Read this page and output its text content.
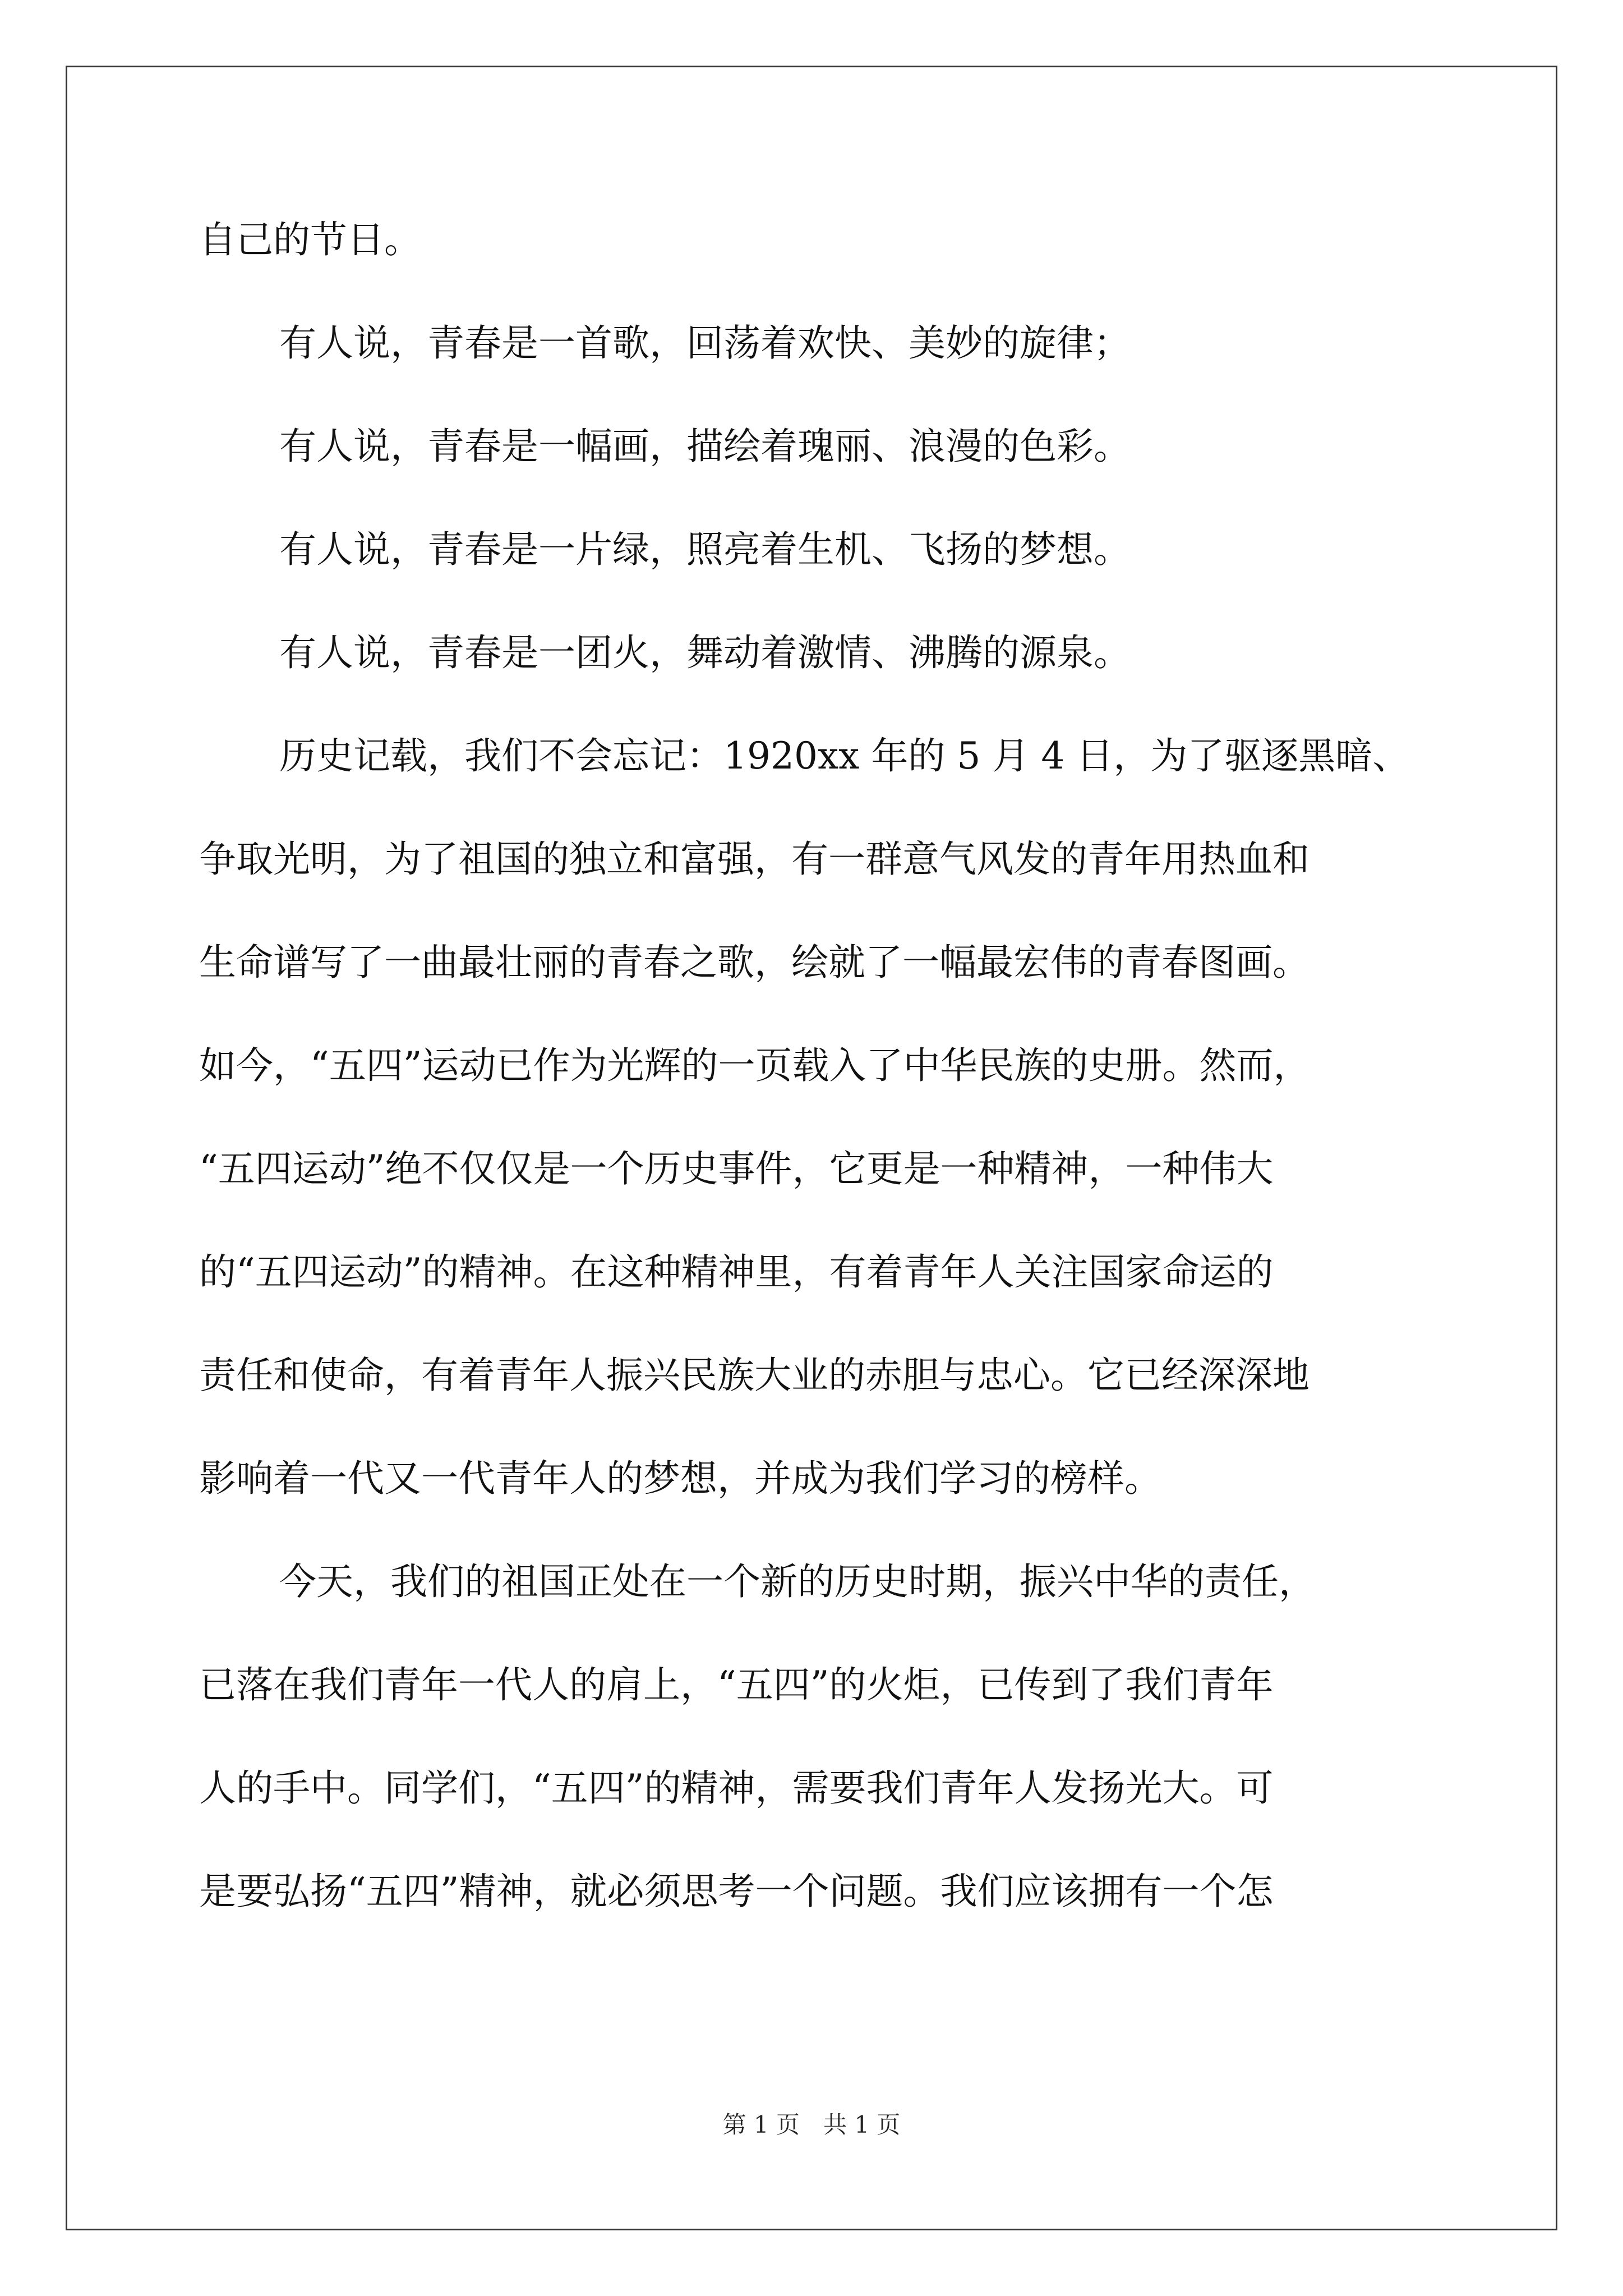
自己的节日。
有人说，青春是一首歌，回荡着欢快、美妙的旋律；
有人说，青春是一幅画，描绘着瑰丽、浪漫的色彩。
有人说，青春是一片绿，照亮着生机、飞扬的梦想。
有人说，青春是一团火，舞动着激情、沸腾的源泉。
历史记载，我们不会忘记：1920xx 年的 5 月 4 日，为了驱逐黑暗、
争取光明，为了祖国的独立和富强，有一群意气风发的青年用热血和
生命谱写了一曲最壮丽的青春之歌，绘就了一幅最宏伟的青春图画。
如今，“五四”运动已作为光辉的一页载入了中华民族的史册。然而，
“五四运动”绝不仅仅是一个历史事件，它更是一种精神，一种伟大
的“五四运动”的精神。在这种精神里，有着青年人关注国家命运的
责任和使命，有着青年人振兴民族大业的赤胆与忠心。它已经深深地
影响着一代又一代青年人的梦想，并成为我们学习的榜样。
今天，我们的祖国正处在一个新的历史时期，振兴中华的责任，
已落在我们青年一代人的肩上，“五四”的火炬，已传到了我们青年
人的手中。同学们，“五四”的精神，需要我们青年人发扬光大。可
是要弘扬“五四”精神，就必须思考一个问题。我们应该拥有一个怎
第 1 页　共 1 页
